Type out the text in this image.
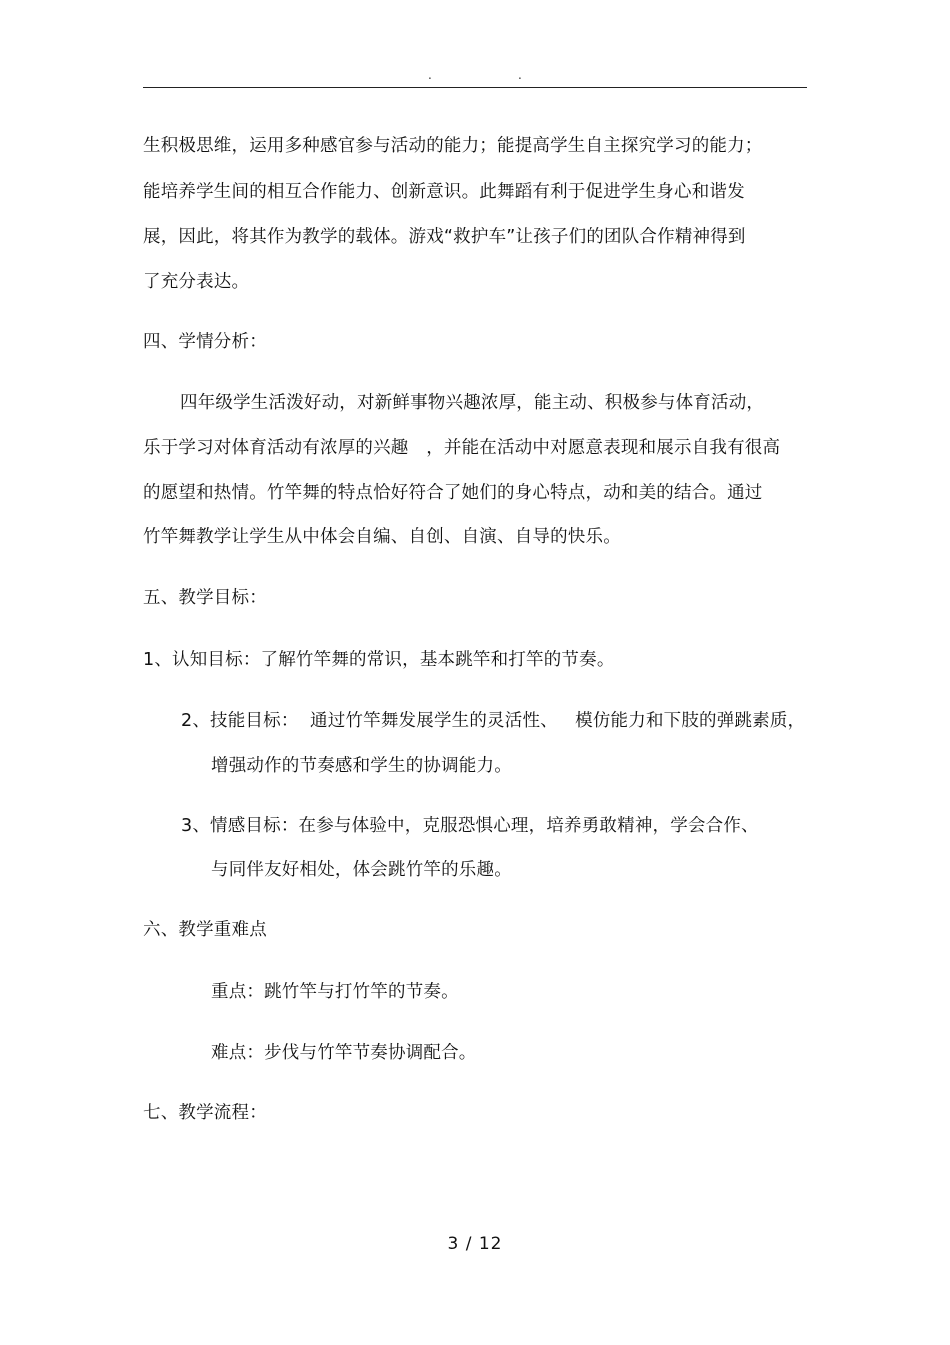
.	.
生积极思维，运用多种感官参与活动的能力；能提高学生自主探究学习的能力；
能培养学生间的相互合作能力、创新意识。此舞蹈有利于促进学生身心和谐发
展，因此，将其作为教学的载体。游戏“救护车”让孩子们的团队合作精神得到
了充分表达。
四、学情分析：
四年级学生活泼好动，对新鲜事物兴趣浓厚，能主动、积极参与体育活动，
乐于学习对体育活动有浓厚的兴趣　，并能在活动中对愿意表现和展示自我有很高
的愿望和热情。竹竿舞的特点恰好符合了她们的身心特点，动和美的结合。通过
竹竿舞教学让学生从中体会自编、自创、自演、自导的快乐。
五、教学目标：
1、认知目标：了解竹竿舞的常识，基本跳竿和打竿的节奏。
2、技能目标：  通过竹竿舞发展学生的灵活性、   模仿能力和下肢的弹跳素质，
增强动作的节奏感和学生的协调能力。
3、情感目标：在参与体验中，克服恐惧心理，培养勇敢精神，学会合作、
与同伴友好相处，体会跳竹竿的乐趣。
六、教学重难点
重点：跳竹竿与打竹竿的节奏。
难点：步伐与竹竿节奏协调配合。
七、教学流程：
3 / 12
